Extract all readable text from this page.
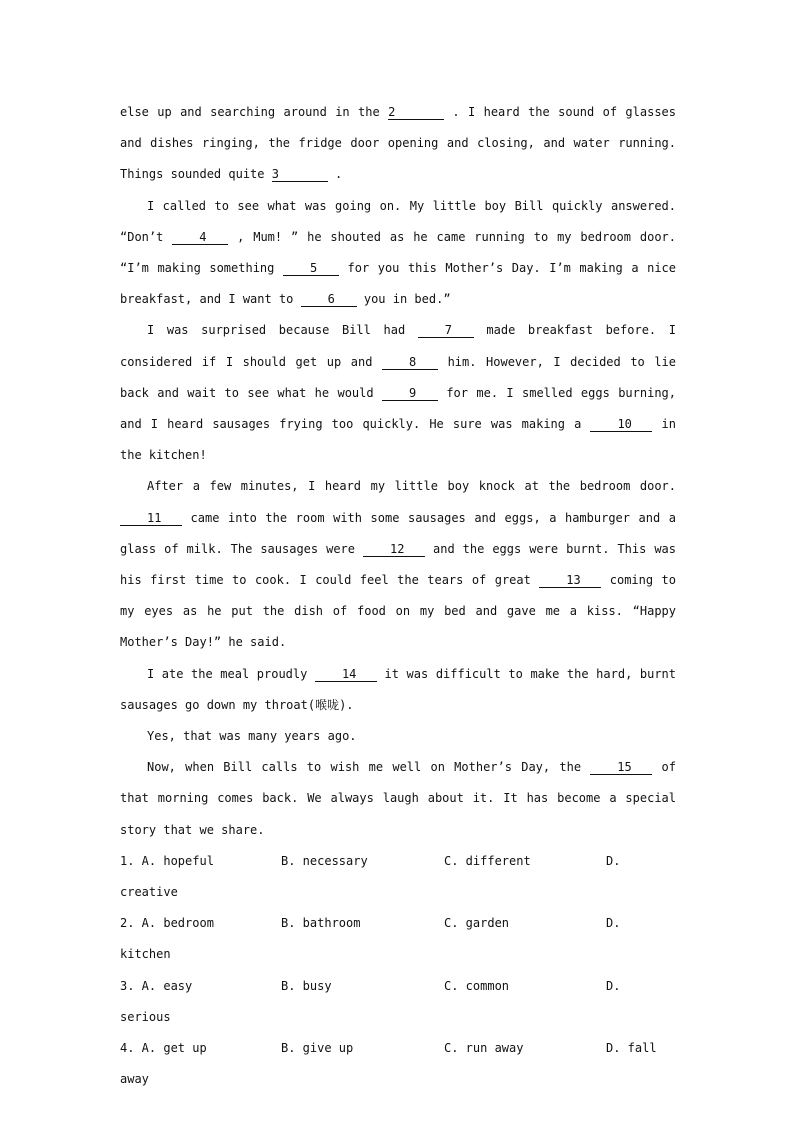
else up and searching around in the 2	. I heard the sound of glasses and dishes ringing, the fridge door opening and closing, and water running. Things sounded quite 3	.

I called to see what was going on. My little boy Bill quickly answered. “Don’t 4 , Mum! ” he shouted as he came running to my bedroom door. “I’m making something 5 for you this Mother’s Day. I’m making a nice breakfast, and I want to 6 you in bed.”

I was surprised because Bill had 7 made breakfast before. I considered if I should get up and 8 him. However, I decided to lie back and wait to see what he would 9 for me. I smelled eggs burning, and I heard sausages frying too quickly. He sure was making a 10 in the kitchen!

After a few minutes, I heard my little boy knock at the bedroom door. 11 came into the room with some sausages and eggs, a hamburger and a glass of milk. The sausages were 12 and the eggs were burnt. This was his first time to cook. I could feel the tears of great 13 coming to my eyes as he put the dish of food on my bed and gave me a kiss. “Happy Mother’s Day!” he said.

I ate the meal proudly 14 it was difficult to make the hard, burnt sausages go down my throat(喉咙).

Yes, that was many years ago.

Now, when Bill calls to wish me well on Mother’s Day, the 15 of that morning comes back. We always laugh about it. It has become a special story that we share.

1. A. hopeful	B. necessary	C. different	D.
creative
2. A. bedroom	B. bathroom	C. garden	D.
kitchen
3. A. easy	B. busy	C. common	D.
serious
4. A. get up	B. give up	C. run away	D. fall
away
